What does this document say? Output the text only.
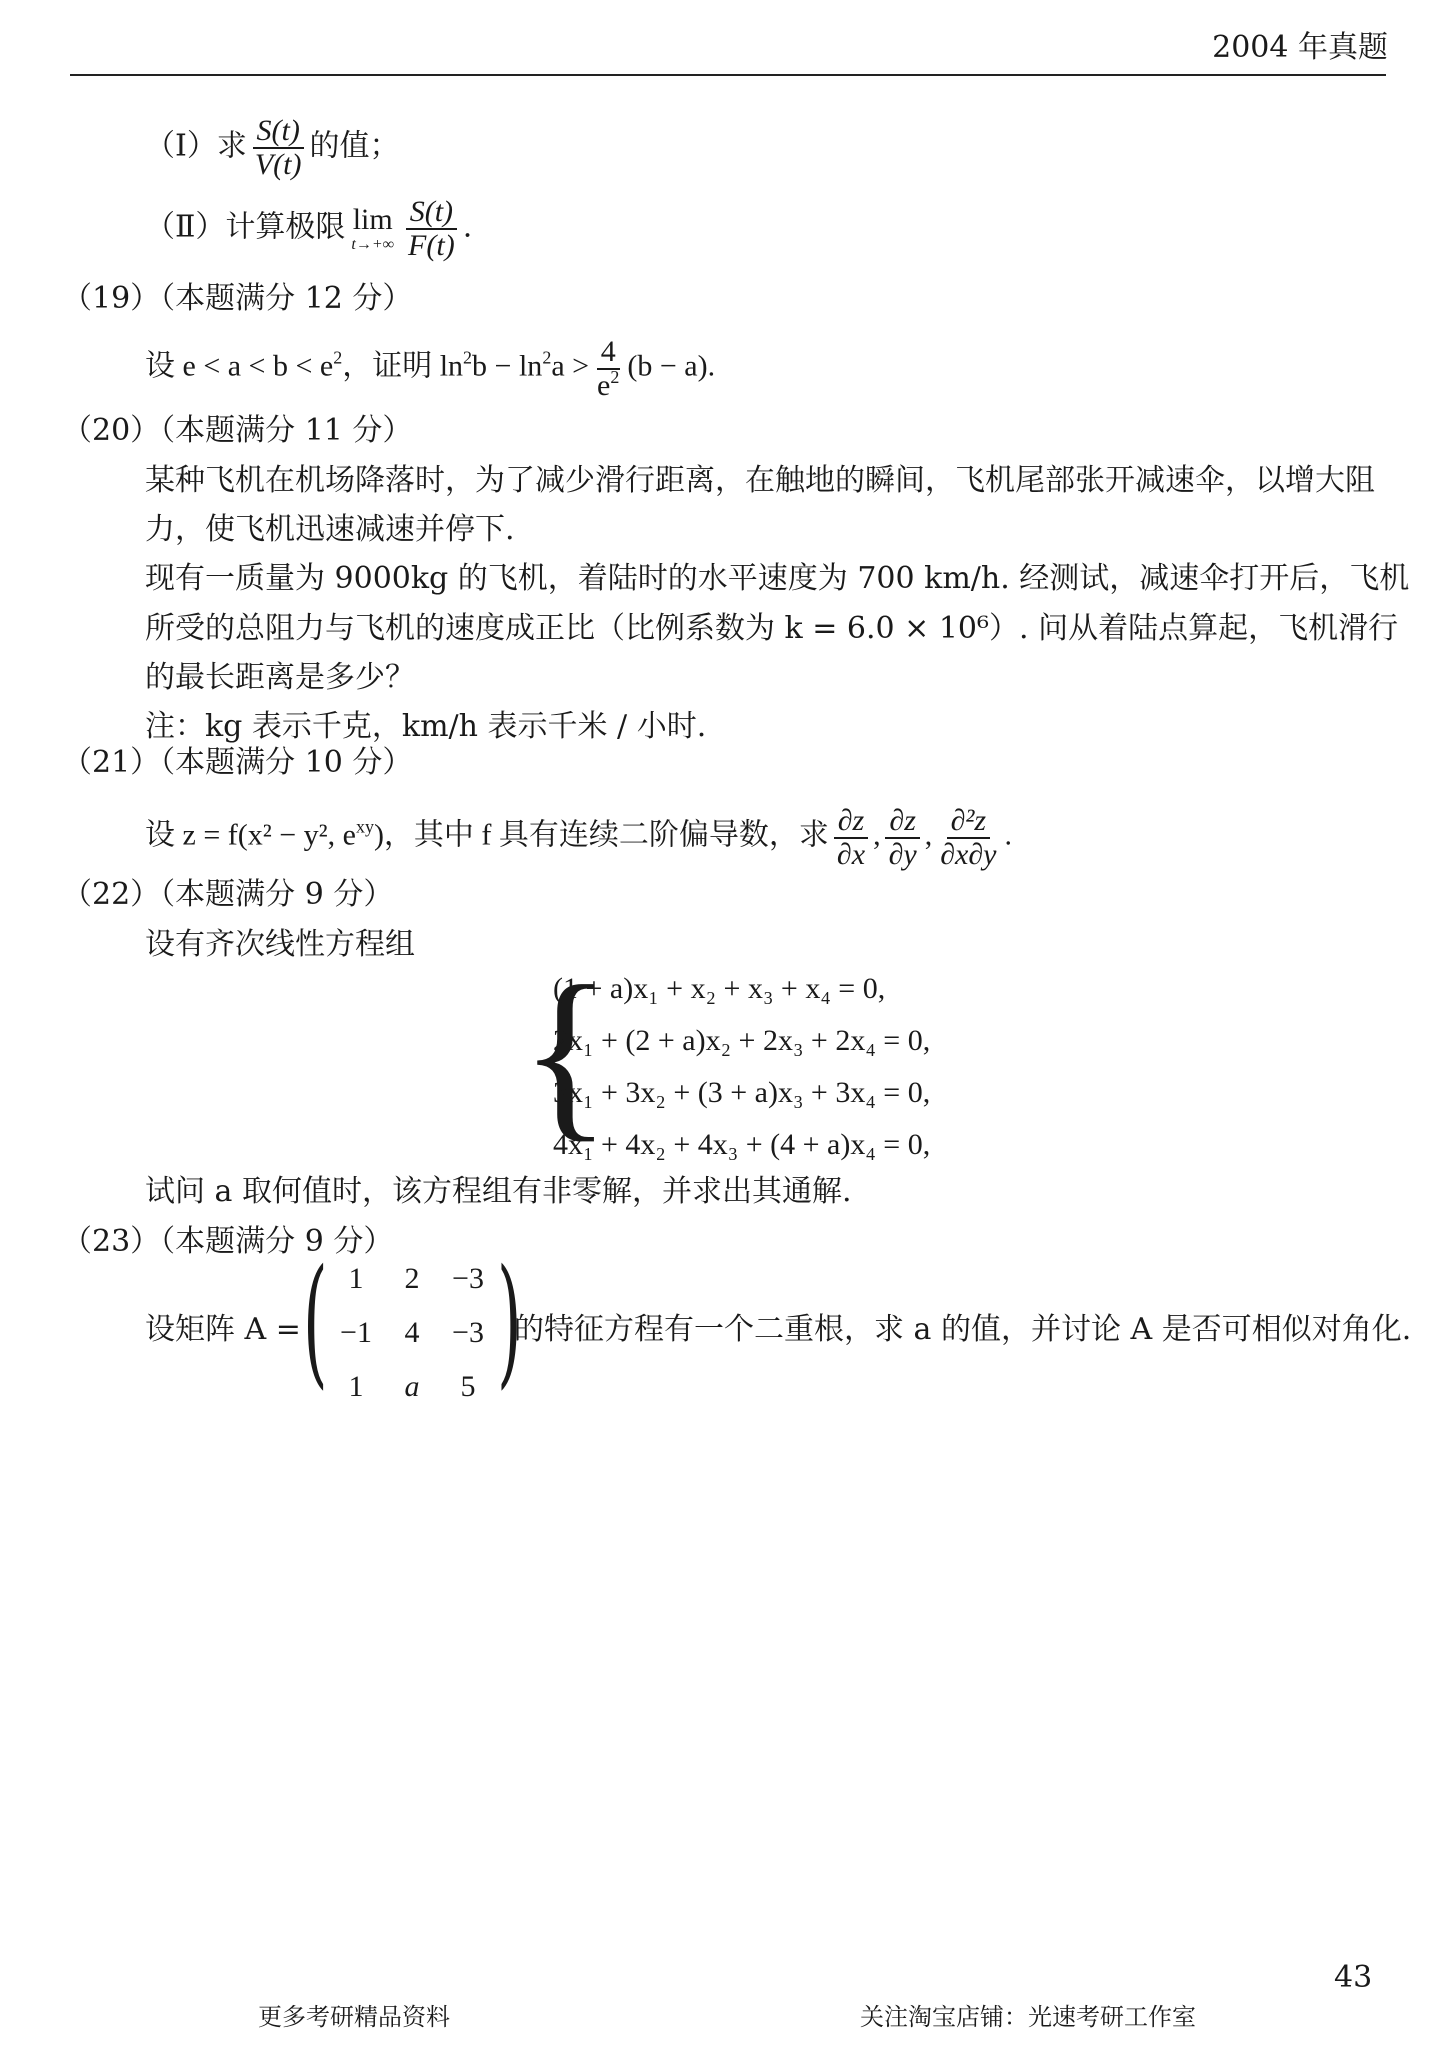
2004 年真题
（Ⅰ）求 $\frac{S(t)}{V(t)}$ 的值；
（Ⅱ）计算极限 lim
$t\to+\infty \frac{S(t)}{F(t)}$ .
（19）（本题满分 12 分）
设 $e < a < b < e^2$，证明 $\ln^2b - \ln^2a > \frac{4}{e^2} (b - a)$.
（20）（本题满分 11 分）
某种飞机在机场降落时，为了减少滑行距离，在触地的瞬间，飞机尾部张开减速伞，以增大阻
力，使飞机迅速减速并停下.
现有一质量为 9000kg 的飞机，着陆时的水平速度为 700 km/h. 经测试，减速伞打开后，飞机
所受的总阻力与飞机的速度成正比（比例系数为 k = 6.0 × 10⁶）. 问从着陆点算起，飞机滑行
的最长距离是多少？
注：kg 表示千克，km/h 表示千米 / 小时.
（21）（本题满分 10 分）
设 z = f(x² − y², $e^{xy}$)，其中 f 具有连续二阶偏导数，求 $\frac{\partial z}{\partial x}$ , $\frac{\partial z}{\partial y}$ , $\frac{\text{∂²z}}{\partial x\partial y}$ .
（22）（本题满分 9 分）
设有齐次线性方程组
{
(1 + a)x₁ + x₂ + x₃ + x₄ = 0,
2x₁ + (2 + a)x₂ + 2x₃ + 2x₄ = 0,
3x₁ + 3x₂ + (3 + a)x₃ + 3x₄ = 0,
4x₁ + 4x₂ + 4x₃ + (4 + a)x₄ = 0,
试问 a 取何值时，该方程组有非零解，并求出其通解.
（23）（本题满分 9 分）
设矩阵 A = ( )
1	2	−3
−1	4	−3
1	a	5
的特征方程有一个二重根，求 a 的值，并讨论 A 是否可相似对角化.
更多考研精品资料	关注淘宝店铺：光速考研工作室
43
